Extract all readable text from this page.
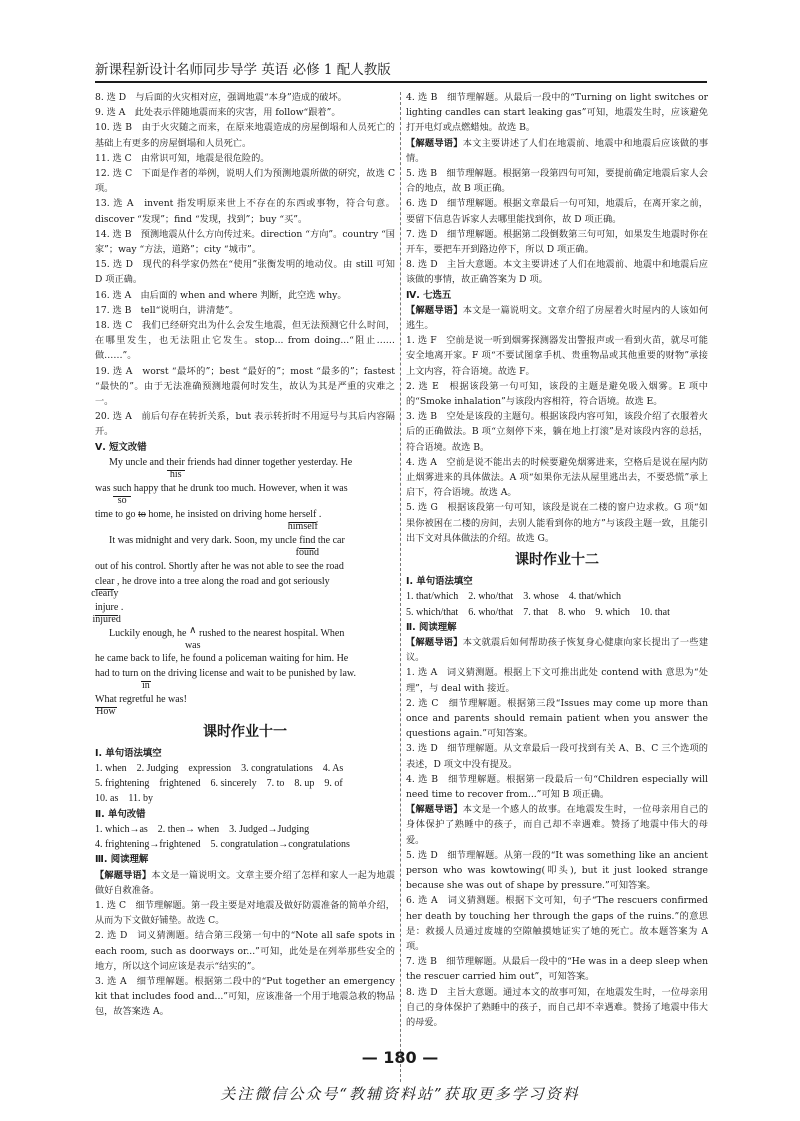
新课程新设计名师同步导学 英语 必修 1 配人教版

8. 选 D　与后面的火灾相对应，强调地震“本身”造成的破坏。

9. 选 A　此处表示伴随地震而来的灾害，用 follow“跟着”。

10. 选 B　由于火灾随之而来，在原来地震造成的房屋倒塌和人员死亡的基础上有更多的房屋倒塌和人员死亡。

11. 选 C　由常识可知，地震是很危险的。

12. 选 C　下面是作者的举例，说明人们为预测地震所做的研究，故选 C 项。

13. 选 A　invent 指发明原来世上不存在的东西或事物，符合句意。discover “发现”；find “发现，找到”；buy “买”。

14. 选 B　预测地震从什么方向传过来。direction “方向”。country “国家”；way “方法，道路”；city “城市”。

15. 选 D　现代的科学家仍然在“使用”张衡发明的地动仪。由 still 可知 D 项正确。

16. 选 A　由后面的 when and where 判断，此空选 why。

17. 选 B　tell“说明白，讲清楚”。

18. 选 C　我们已经研究出为什么会发生地震，但无法预测它什么时间，在哪里发生，也无法阻止它发生。stop... from doing...“阻止……做……”。

19. 选 A　worst “最坏的”；best “最好的”；most “最多的”；fastest “最快的”。由于无法准确预测地震何时发生，故认为其是严重的灾难之一。

20. 选 A　前后句存在转折关系，but 表示转折时不用逗号与其后内容隔开。

Ⅴ. 短文改错

My uncle and their
his
friends had dinner together yesterday. He

was such
so
happy that he drunk too much. However, when it was

time to go to home, he insisted on driving home herself
himself
.

It was midnight and very dark. Soon, my uncle find
found
the car

out of his control. Shortly after he was not able to see the road

clear
clearly
, he drove into a tree along the road and got seriously

injure
injured
.

Luckily enough, he ∧

was
rushed to the nearest hospital. When

he came back to life, he found a policeman waiting for him. He

had to turn on
in
the driving license and wait to be punished by law.

What
How
regretful he was!

课时作业十一

Ⅰ. 单句语法填空

1. when　2. Judging　expression　3. congratulations　4. As

5. frightening　frightened　6. sincerely　7. to　8. up　9. of

10. as　11. by

Ⅱ. 单句改错

1. which→as　2. then→ when　3. Judged→Judging

4. frightening→frightened　5. congratulation→congratulations

Ⅲ. 阅读理解

【解题导语】本文是一篇说明文。文章主要介绍了怎样和家人一起为地震做好自救准备。

1. 选 C　细节理解题。第一段主要是对地震及做好防震准备的简单介绍，从而为下文做好铺垫。故选 C。

2. 选 D　词义猜测题。结合第三段第一句中的“Note all safe spots in each room, such as doorways or...”可知，此处是在列举那些安全的地方，所以这个词应该是表示“结实的”。

3. 选 A　细节理解题。根据第二段中的“Put together an emergency kit that includes food and...”可知，应该准备一个用于地震急救的物品包，故答案选 A。

4. 选 B　细节理解题。从最后一段中的“Turning on light switches or lighting candles can start leaking gas”可知，地震发生时，应该避免打开电灯或点燃蜡烛。故选 B。

【解题导语】本文主要讲述了人们在地震前、地震中和地震后应该做的事情。

5. 选 B　细节理解题。根据第一段第四句可知，要提前确定地震后家人会合的地点，故 B 项正确。

6. 选 D　细节理解题。根据文章最后一句可知，地震后，在离开家之前，要留下信息告诉家人去哪里能找到你，故 D 项正确。

7. 选 D　细节理解题。根据第二段倒数第三句可知，如果发生地震时你在开车，要把车开到路边停下，所以 D 项正确。

8. 选 D　主旨大意题。本文主要讲述了人们在地震前、地震中和地震后应该做的事情，故正确答案为 D 项。

Ⅳ. 七选五

【解题导语】本文是一篇说明文。文章介绍了房屋着火时屋内的人该如何逃生。

1. 选 F　空前是说一听到烟雾探测器发出警报声或一看到火苗，就尽可能安全地离开家。F 项“不要试图拿手机、贵重物品或其他重要的财物”承接上文内容，符合语境。故选 F。

2. 选 E　根据该段第一句可知，该段的主题是避免吸入烟雾。E 项中的“Smoke inhalation”与该段内容相符，符合语境。故选 E。

3. 选 B　空处是该段的主题句。根据该段内容可知，该段介绍了衣服着火后的正确做法。B 项“立刻停下来，躺在地上打滚”是对该段内容的总括，符合语境。故选 B。

4. 选 A　空前是说不能出去的时候要避免烟雾进来，空格后是说在屋内防止烟雾进来的具体做法。A 项“如果你无法从屋里逃出去，不要恐慌”承上启下，符合语境。故选 A。

5. 选 G　根据该段第一句可知，该段是说在二楼的窗户边求救。G 项“如果你被困在二楼的房间，去别人能看到你的地方”与该段主题一致，且能引出下文对具体做法的介绍。故选 G。

课时作业十二

Ⅰ. 单句语法填空

1. that/which　2. who/that　3. whose　4. that/which

5. which/that　6. who/that　7. that　8. who　9. which　10. that

Ⅱ. 阅读理解

【解题导语】本文就震后如何帮助孩子恢复身心健康向家长提出了一些建议。

1. 选 A　词义猜测题。根据上下文可推出此处 contend with 意思为“处理”，与 deal with 接近。

2. 选 C　细节理解题。根据第三段“Issues may come up more than once and parents should remain patient when you answer the questions again.”可知答案。

3. 选 D　细节理解题。从文章最后一段可找到有关 A、B、C 三个选项的表述，D 项文中没有提及。

4. 选 B　细节理解题。根据第一段最后一句“Children especially will need time to recover from...”可知 B 项正确。

【解题导语】本文是一个感人的故事。在地震发生时，一位母亲用自己的身体保护了熟睡中的孩子，而自己却不幸遇难。赞扬了地震中伟大的母爱。

5. 选 D　细节理解题。从第一段的“It was something like an ancient person who was kowtowing(叩头), but it just looked strange because she was out of shape by pressure.”可知答案。

6. 选 A　词义猜测题。根据下文可知，句子“The rescuers confirmed her death by touching her through the gaps of the ruins.”的意思是：救援人员通过废墟的空隙触摸她证实了她的死亡。故本题答案为 A 项。

7. 选 B　细节理解题。从最后一段中的“He was in a deep sleep when the rescuer carried him out”，可知答案。

8. 选 D　主旨大意题。通过本文的故事可知，在地震发生时，一位母亲用自己的身体保护了熟睡中的孩子，而自己却不幸遇难。赞扬了地震中伟大的母爱。

— 180 —
关注微信公众号“教辅资料站”获取更多学习资料
